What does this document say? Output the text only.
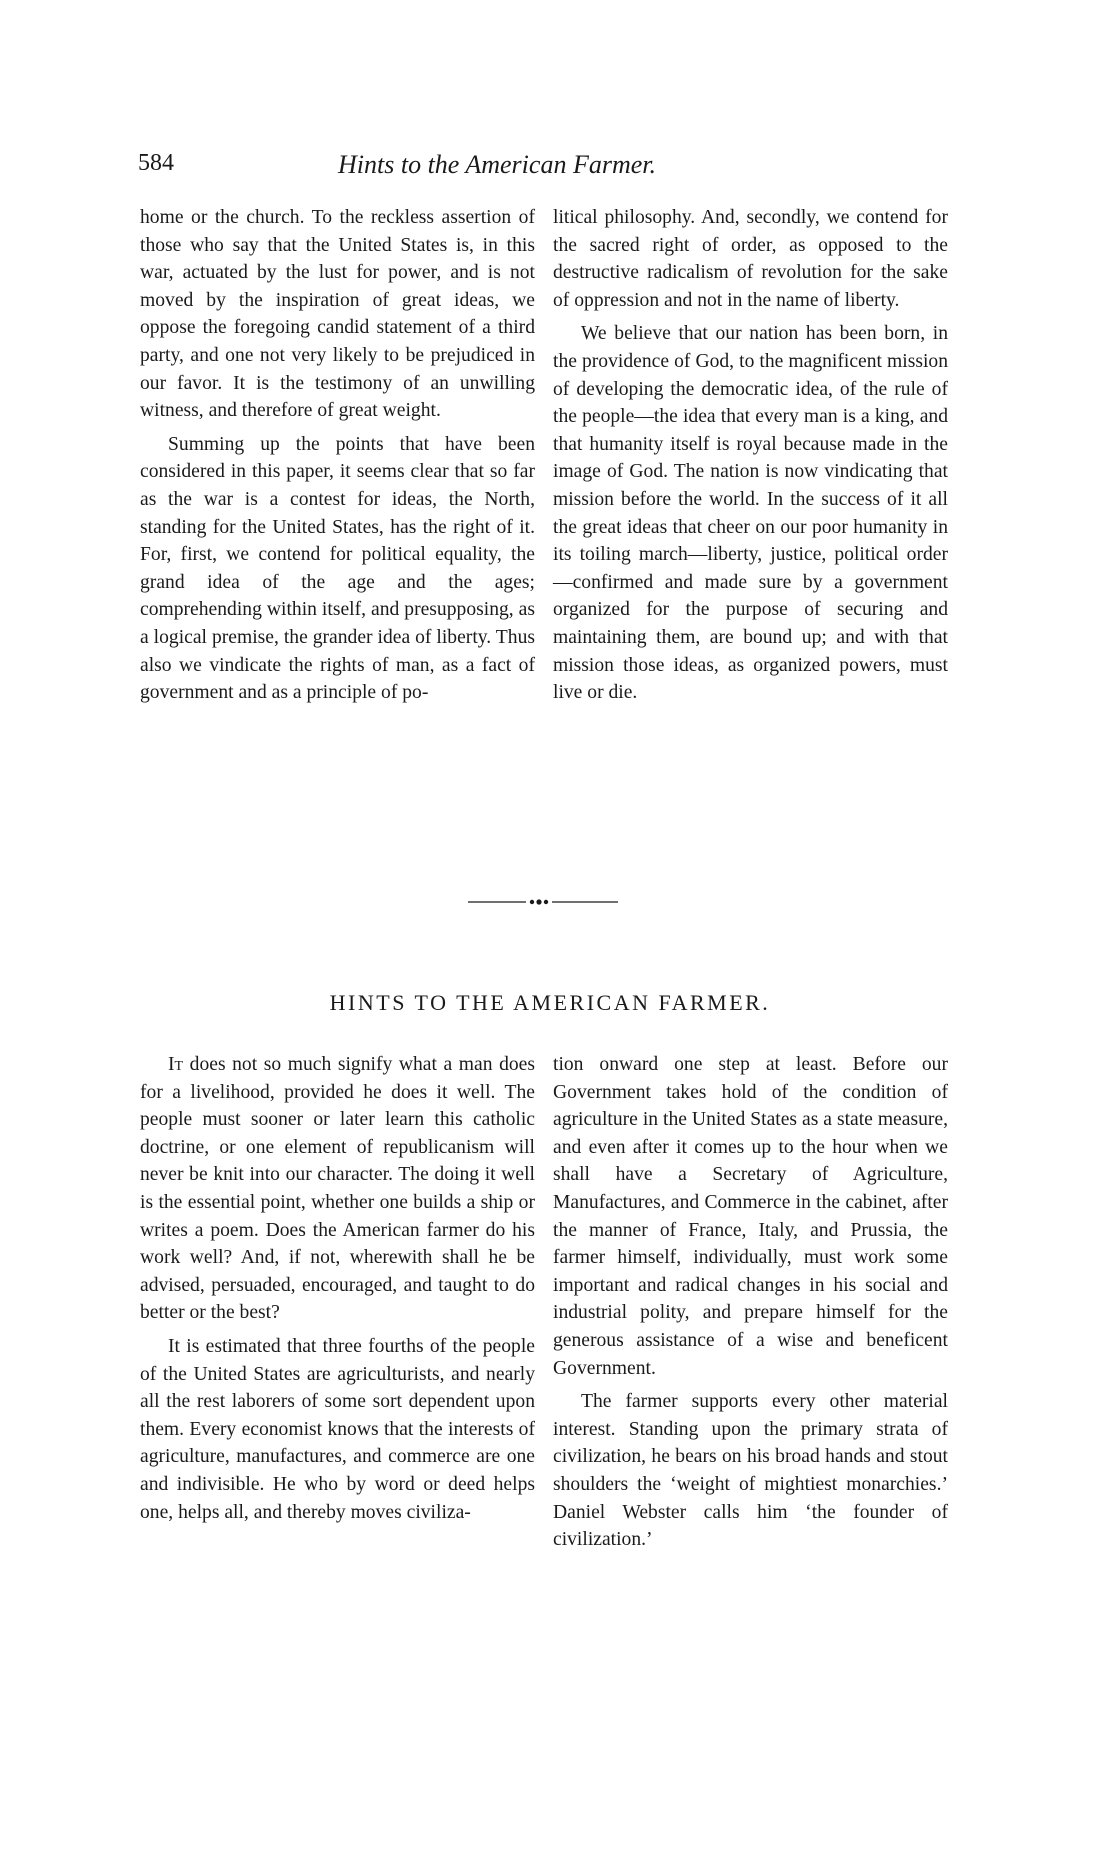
584	Hints to the American Farmer.

home or the church. To the reckless assertion of those who say that the United States is, in this war, actuated by the lust for power, and is not moved by the inspiration of great ideas, we oppose the foregoing candid statement of a third party, and one not very likely to be prejudiced in our favor. It is the testimony of an unwilling witness, and therefore of great weight.

Summing up the points that have been considered in this paper, it seems clear that so far as the war is a contest for ideas, the North, standing for the United States, has the right of it. For, first, we contend for political equality, the grand idea of the age and the ages; comprehending within itself, and presupposing, as a logical premise, the grander idea of liberty. Thus also we vindicate the rights of man, as a fact of government and as a principle of po-

litical philosophy. And, secondly, we contend for the sacred right of order, as opposed to the destructive radicalism of revolution for the sake of oppression and not in the name of liberty.

We believe that our nation has been born, in the providence of God, to the magnificent mission of developing the democratic idea, of the rule of the people—the idea that every man is a king, and that humanity itself is royal because made in the image of God. The nation is now vindicating that mission before the world. In the success of it all the great ideas that cheer on our poor humanity in its toiling march—liberty, justice, political order—confirmed and made sure by a government organized for the purpose of securing and maintaining them, are bound up; and with that mission those ideas, as organized powers, must live or die.

HINTS TO THE AMERICAN FARMER.

It does not so much signify what a man does for a livelihood, provided he does it well. The people must sooner or later learn this catholic doctrine, or one element of republicanism will never be knit into our character. The doing it well is the essential point, whether one builds a ship or writes a poem. Does the American farmer do his work well? And, if not, wherewith shall he be advised, persuaded, encouraged, and taught to do better or the best?

It is estimated that three fourths of the people of the United States are agriculturists, and nearly all the rest laborers of some sort dependent upon them. Every economist knows that the interests of agriculture, manufactures, and commerce are one and indivisible. He who by word or deed helps one, helps all, and thereby moves civiliza-

tion onward one step at least. Before our Government takes hold of the condition of agriculture in the United States as a state measure, and even after it comes up to the hour when we shall have a Secretary of Agriculture, Manufactures, and Commerce in the cabinet, after the manner of France, Italy, and Prussia, the farmer himself, individually, must work some important and radical changes in his social and industrial polity, and prepare himself for the generous assistance of a wise and beneficent Government.

The farmer supports every other material interest. Standing upon the primary strata of civilization, he bears on his broad hands and stout shoulders the ‘weight of mightiest monarchies.’ Daniel Webster calls him ‘the founder of civilization.’
